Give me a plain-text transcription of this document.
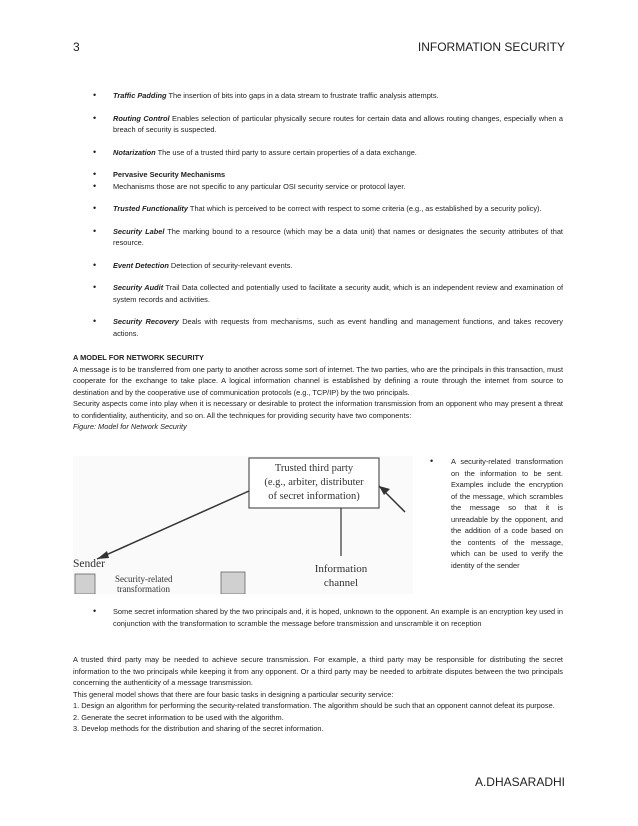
3	INFORMATION SECURITY
• Traffic Padding The insertion of bits into gaps in a data stream to frustrate traffic analysis attempts.
• Routing Control Enables selection of particular physically secure routes for certain data and allows routing changes, especially when a breach of security is suspected.
• Notarization The use of a trusted third party to assure certain properties of a data exchange.
• Pervasive Security Mechanisms
• Mechanisms those are not specific to any particular OSI security service or protocol layer.
• Trusted Functionality That which is perceived to be correct with respect to some criteria (e.g., as established by a security policy).
• Security Label The marking bound to a resource (which may be a data unit) that names or designates the security attributes of that resource.
• Event Detection Detection of security-relevant events.
• Security Audit Trail Data collected and potentially used to facilitate a security audit, which is an independent review and examination of system records and activities.
• Security Recovery Deals with requests from mechanisms, such as event handling and management functions, and takes recovery actions.
A MODEL FOR NETWORK SECURITY
A message is to be transferred from one party to another across some sort of internet. The two parties, who are the principals in this transaction, must cooperate for the exchange to take place. A logical information channel is established by defining a route through the internet from source to destination and by the cooperative use of communication protocols (e.g., TCP/IP) by the two principals.
Security aspects come into play when it is necessary or desirable to protect the information transmission from an opponent who may present a threat to confidentiality, authenticity, and so on. All the techniques for providing security have two components:
Figure: Model for Network Security
Trusted third party
(e.g., arbiter, distributer
of secret information)
Sender
Security-related
transformation
Information
channel
•	A security-related transformation on the information to be sent. Examples include the encryption of the message, which scrambles the message so that it is unreadable by the opponent, and the addition of a code based on the contents of the message, which can be used to verify the identity of the sender
•	Some secret information shared by the two principals and, it is hoped, unknown to the opponent. An example is an encryption key used in conjunction with the transformation to scramble the message before transmission and unscramble it on reception
A trusted third party may be needed to achieve secure transmission. For example, a third party may be responsible for distributing the secret information to the two principals while keeping it from any opponent. Or a third party may be needed to arbitrate disputes between the two principals concerning the authenticity of a message transmission.
This general model shows that there are four basic tasks in designing a particular security service:
1. Design an algorithm for performing the security-related transformation. The algorithm should be such that an opponent cannot defeat its purpose.
2. Generate the secret information to be used with the algorithm.
3. Develop methods for the distribution and sharing of the secret information.
A.DHASARADHI
